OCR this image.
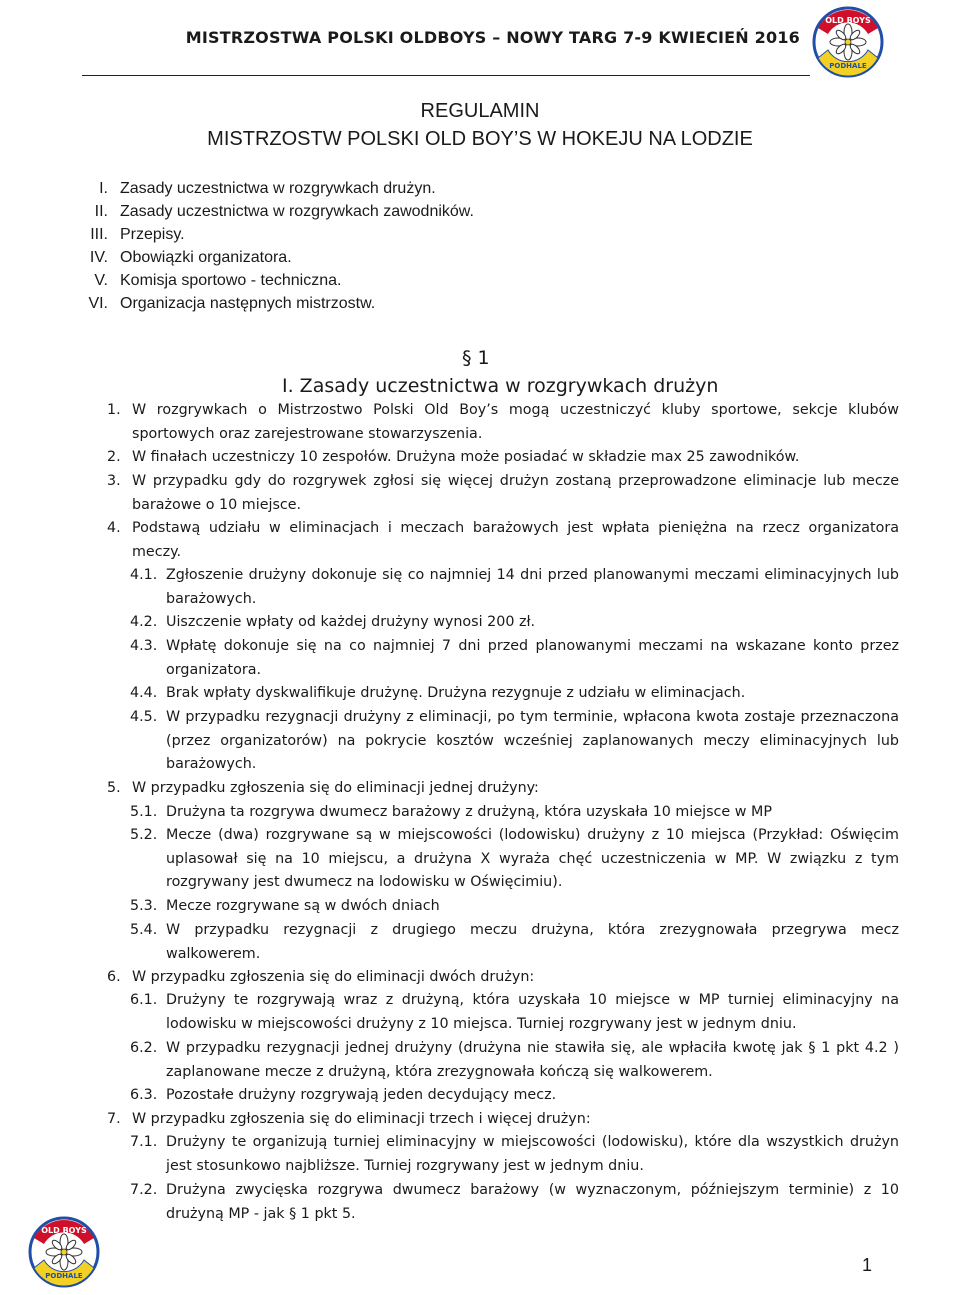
MISTRZOSTWA POLSKI OLDBOYS – NOWY TARG 7-9 KWIECIEŃ 2016
OLD BOYS
PODHALE
REGULAMIN
MISTRZOSTW POLSKI OLD BOY’S W HOKEJU NA LODZIE
I. Zasady uczestnictwa w rozgrywkach drużyn.
II. Zasady uczestnictwa w rozgrywkach zawodników.
III. Przepisy.
IV. Obowiązki organizatora.
V. Komisja sportowo - techniczna.
VI. Organizacja następnych mistrzostw.
§ 1
I. Zasady uczestnictwa w rozgrywkach drużyn
1. W rozgrywkach o Mistrzostwo Polski Old Boy’s mogą uczestniczyć kluby sportowe, sekcje klubów sportowych oraz zarejestrowane stowarzyszenia.
2. W finałach uczestniczy 10 zespołów. Drużyna może posiadać w składzie max 25 zawodników.
3. W przypadku gdy do rozgrywek zgłosi się więcej drużyn zostaną przeprowadzone eliminacje lub mecze barażowe o 10 miejsce.
4. Podstawą udziału w eliminacjach i meczach barażowych jest wpłata pieniężna na rzecz organizatora meczy.
4.1. Zgłoszenie drużyny dokonuje się co najmniej 14 dni przed planowanymi meczami eliminacyjnych lub barażowych.
4.2. Uiszczenie wpłaty od każdej drużyny wynosi 200 zł.
4.3. Wpłatę dokonuje się na co najmniej 7 dni przed planowanymi meczami na wskazane konto przez organizatora.
4.4. Brak wpłaty dyskwalifikuje drużynę. Drużyna rezygnuje z udziału w eliminacjach.
4.5. W przypadku rezygnacji drużyny z eliminacji, po tym terminie, wpłacona kwota zostaje przeznaczona (przez organizatorów) na pokrycie kosztów wcześniej zaplanowanych meczy eliminacyjnych lub barażowych.
5. W przypadku zgłoszenia się do eliminacji jednej drużyny:
5.1. Drużyna ta rozgrywa dwumecz barażowy z drużyną, która uzyskała 10 miejsce w MP
5.2. Mecze (dwa) rozgrywane są w miejscowości (lodowisku) drużyny z 10 miejsca (Przykład: Oświęcim uplasował się na 10 miejscu, a drużyna X wyraża chęć uczestniczenia w MP. W związku z tym rozgrywany jest dwumecz na lodowisku w Oświęcimiu).
5.3. Mecze rozgrywane są w dwóch dniach
5.4. W przypadku rezygnacji z drugiego meczu drużyna, która zrezygnowała przegrywa mecz walkowerem.
6. W przypadku zgłoszenia się do eliminacji dwóch drużyn:
6.1. Drużyny te rozgrywają wraz z drużyną, która uzyskała 10 miejsce w MP turniej eliminacyjny na lodowisku w miejscowości drużyny z 10 miejsca. Turniej rozgrywany jest w jednym dniu.
6.2. W przypadku rezygnacji jednej drużyny (drużyna nie stawiła się, ale wpłaciła kwotę jak § 1 pkt 4.2 ) zaplanowane mecze z drużyną, która zrezygnowała kończą się walkowerem.
6.3. Pozostałe drużyny rozgrywają jeden decydujący mecz.
7. W przypadku zgłoszenia się do eliminacji trzech i więcej drużyn:
7.1. Drużyny te organizują turniej eliminacyjny w miejscowości (lodowisku), które dla wszystkich drużyn jest stosunkowo najbliższe. Turniej rozgrywany jest w jednym dniu.
7.2. Drużyna zwycięska rozgrywa dwumecz barażowy (w wyznaczonym, późniejszym terminie) z 10 drużyną MP - jak § 1 pkt 5.
OLD BOYS
PODHALE
1
